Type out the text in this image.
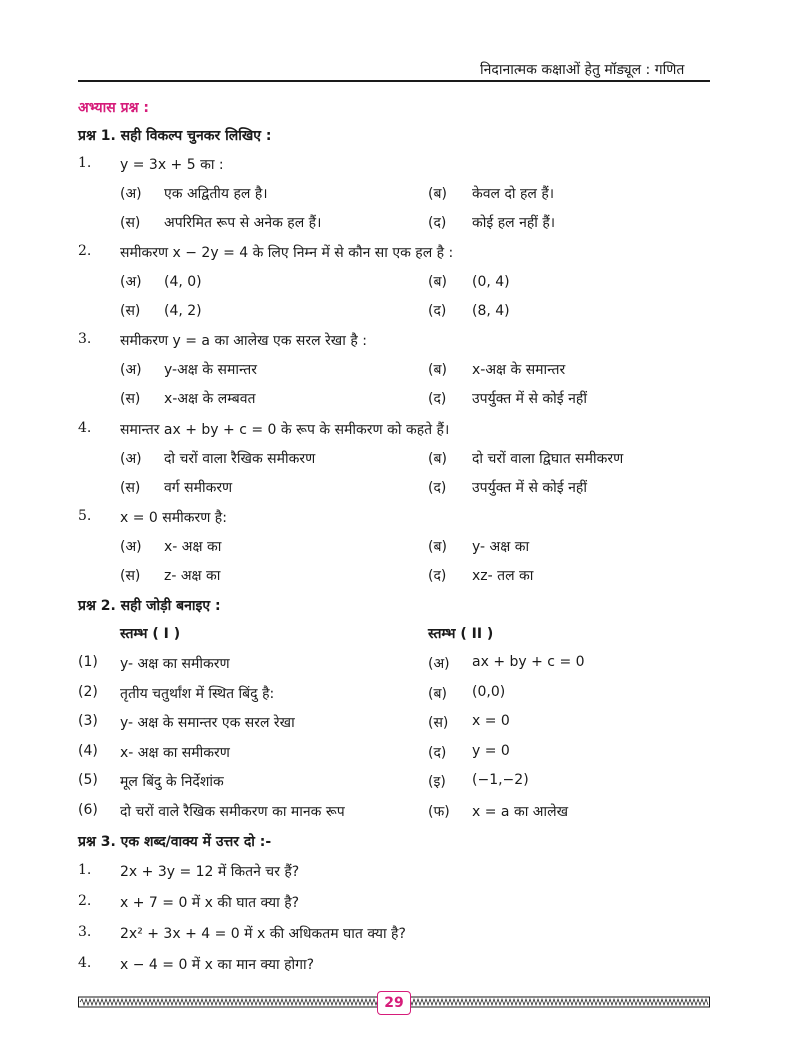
निदानात्मक कक्षाओं हेतु मॉड्यूल : गणित
अभ्यास प्रश्न :
प्रश्न 1. सही विकल्प चुनकर लिखिए :
1. y = 3x + 5 का :
(अ) एक अद्वितीय हल है।	(ब) केवल दो हल हैं।
(स) अपरिमित रूप से अनेक हल हैं।	(द) कोई हल नहीं हैं।
2. समीकरण x − 2y = 4 के लिए निम्न में से कौन सा एक हल है :
(अ) (4, 0)	(ब) (0, 4)
(स) (4, 2)	(द) (8, 4)
3. समीकरण y = a का आलेख एक सरल रेखा है :
(अ) y-अक्ष के समान्तर	(ब) x-अक्ष के समान्तर
(स) x-अक्ष के लम्बवत	(द) उपर्युक्त में से कोई नहीं
4. समान्तर ax + by + c = 0 के रूप के समीकरण को कहते हैं।
(अ) दो चरों वाला रैखिक समीकरण	(ब) दो चरों वाला द्विघात समीकरण
(स) वर्ग समीकरण	(द) उपर्युक्त में से कोई नहीं
5. x = 0 समीकरण है:
(अ) x- अक्ष का	(ब) y- अक्ष का
(स) z- अक्ष का	(द) xz- तल का
प्रश्न 2. सही जोड़ी बनाइए :
स्तम्भ ( I )	स्तम्भ ( II )
(1) y- अक्ष का समीकरण	(अ) ax + by + c = 0
(2) तृतीय चतुर्थांश में स्थित बिंदु है:	(ब) (0,0)
(3) y- अक्ष के समान्तर एक सरल रेखा	(स) x = 0
(4) x- अक्ष का समीकरण	(द) y = 0
(5) मूल बिंदु के निर्देशांक	(इ) (−1,−2)
(6) दो चरों वाले रैखिक समीकरण का मानक रूप	(फ) x = a का आलेख
प्रश्न 3. एक शब्द/वाक्य में उत्तर दो :-
1. 2x + 3y = 12 में कितने चर हैं?
2. x + 7 = 0 में x की घात क्या है?
3. 2x² + 3x + 4 = 0 में x की अधिकतम घात क्या है?
4. x − 4 = 0 में x का मान क्या होगा?
29
